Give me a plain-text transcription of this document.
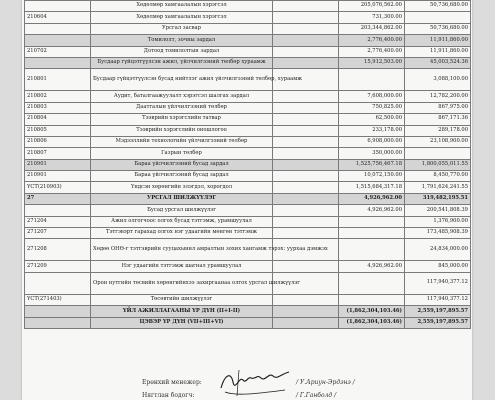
	Хөдөлмөр хамгаалалын хэрэгсэл		205,076,562.00	50,736,680.00
210604	Хөдөлмөр хамгаалалын хэрэгсэл		731,300.00	
	Урсгал засвар		203,344,862.00	50,736,680.00
	Томилолт, зочны зардал		2,776,400.00	11,911,860.00
210702	Дотоод томилолтын зардал		2,776,400.00	11,911,860.00
	Бусдаар гүйцэтгүүлсэн ажил, үйлчилгээний төлбөр хураамж		15,912,503.00	45,003,524.36
210801	Бусдаар гүйцэтгүүлсэн бусад нийтлэг ажил үйлчилгээний төлбөр, хураамж			3,088,100.00
210802	Аудит, баталгаажуулалт хэрэгсэл шалгах зардал		7,608,000.00	12,782,200.00
210803	Даатгалын үйлчилгээний төлбөр		750,825.00	867,975.00
210804	Тээврийн хэрэгслийн татвар		62,500.00	867,171.36
210805	Тээврийн хэрэгслийн оношлогоо		233,178.00	289,178.00
210806	Мэдээллийн технологийн үйлчилгээний төлбөр		6,908,000.00	23,108,900.00
210807	Газрын төлбөр		350,000.00	
210901	Бараа үйлчилгээний бусад зардал		1,525,756,467.18	1,800,055,011.55
210901	Бараа үйлчилгээний бусад зардал		10,072,150.00	8,450,770.00
ҮСТ(210903)	Үндсэн хөрөнгийн элэгдэл, хорогдол		1,515,684,317.18	1,791,624,241.55
27	УРСГАЛ ШИЛЖҮҮЛЭГ		4,926,962.00	319,482,195.51
	Бусад урсгал шилжүүлэг		4,926,962.00	200,541,808.39
271204	Ажил олгогчоос олгох бусад тэтгэмж, урамшуулал			1,376,900.00
271207	Тэтгэвэрт гарахад олгох нэг удаагийн мөнгөн тэтгэмж			173,485,908.39
271208	Хөдөө ОНӨ-г тэтгэврийн сууцахыннл амралтын зохих хангамж тэрэх: уурхаа дэмжэх			24,834,000.00
271209	Нэг удаагийн тэтгэмж шагнал урамшуулал		4,926,962.00	845,000.00
	Орон нутгийн төсвийн хөрөнгийнхээ захиргаанаа олгох урсгал шилжүүлэг			117,940,377.12
ҮСТ(271403)	Төсөвтийн шилжүүлэг			117,940,377.12
	ҮЙЛ АЖИЛЛАГААНЫ ҮР ДҮН (II+I-II)		(1,862,304,103.46)	2,559,197,895.57
	ЦЭВЭР ҮР ДҮН (VII+III+VI)		(1,862,304,103.46)	2,559,197,895.57
Ерөнхий менежер:	/ У.Ариун-Эрдэнэ /
Нягтлан бодогч:	/ Г.Ганболд /
